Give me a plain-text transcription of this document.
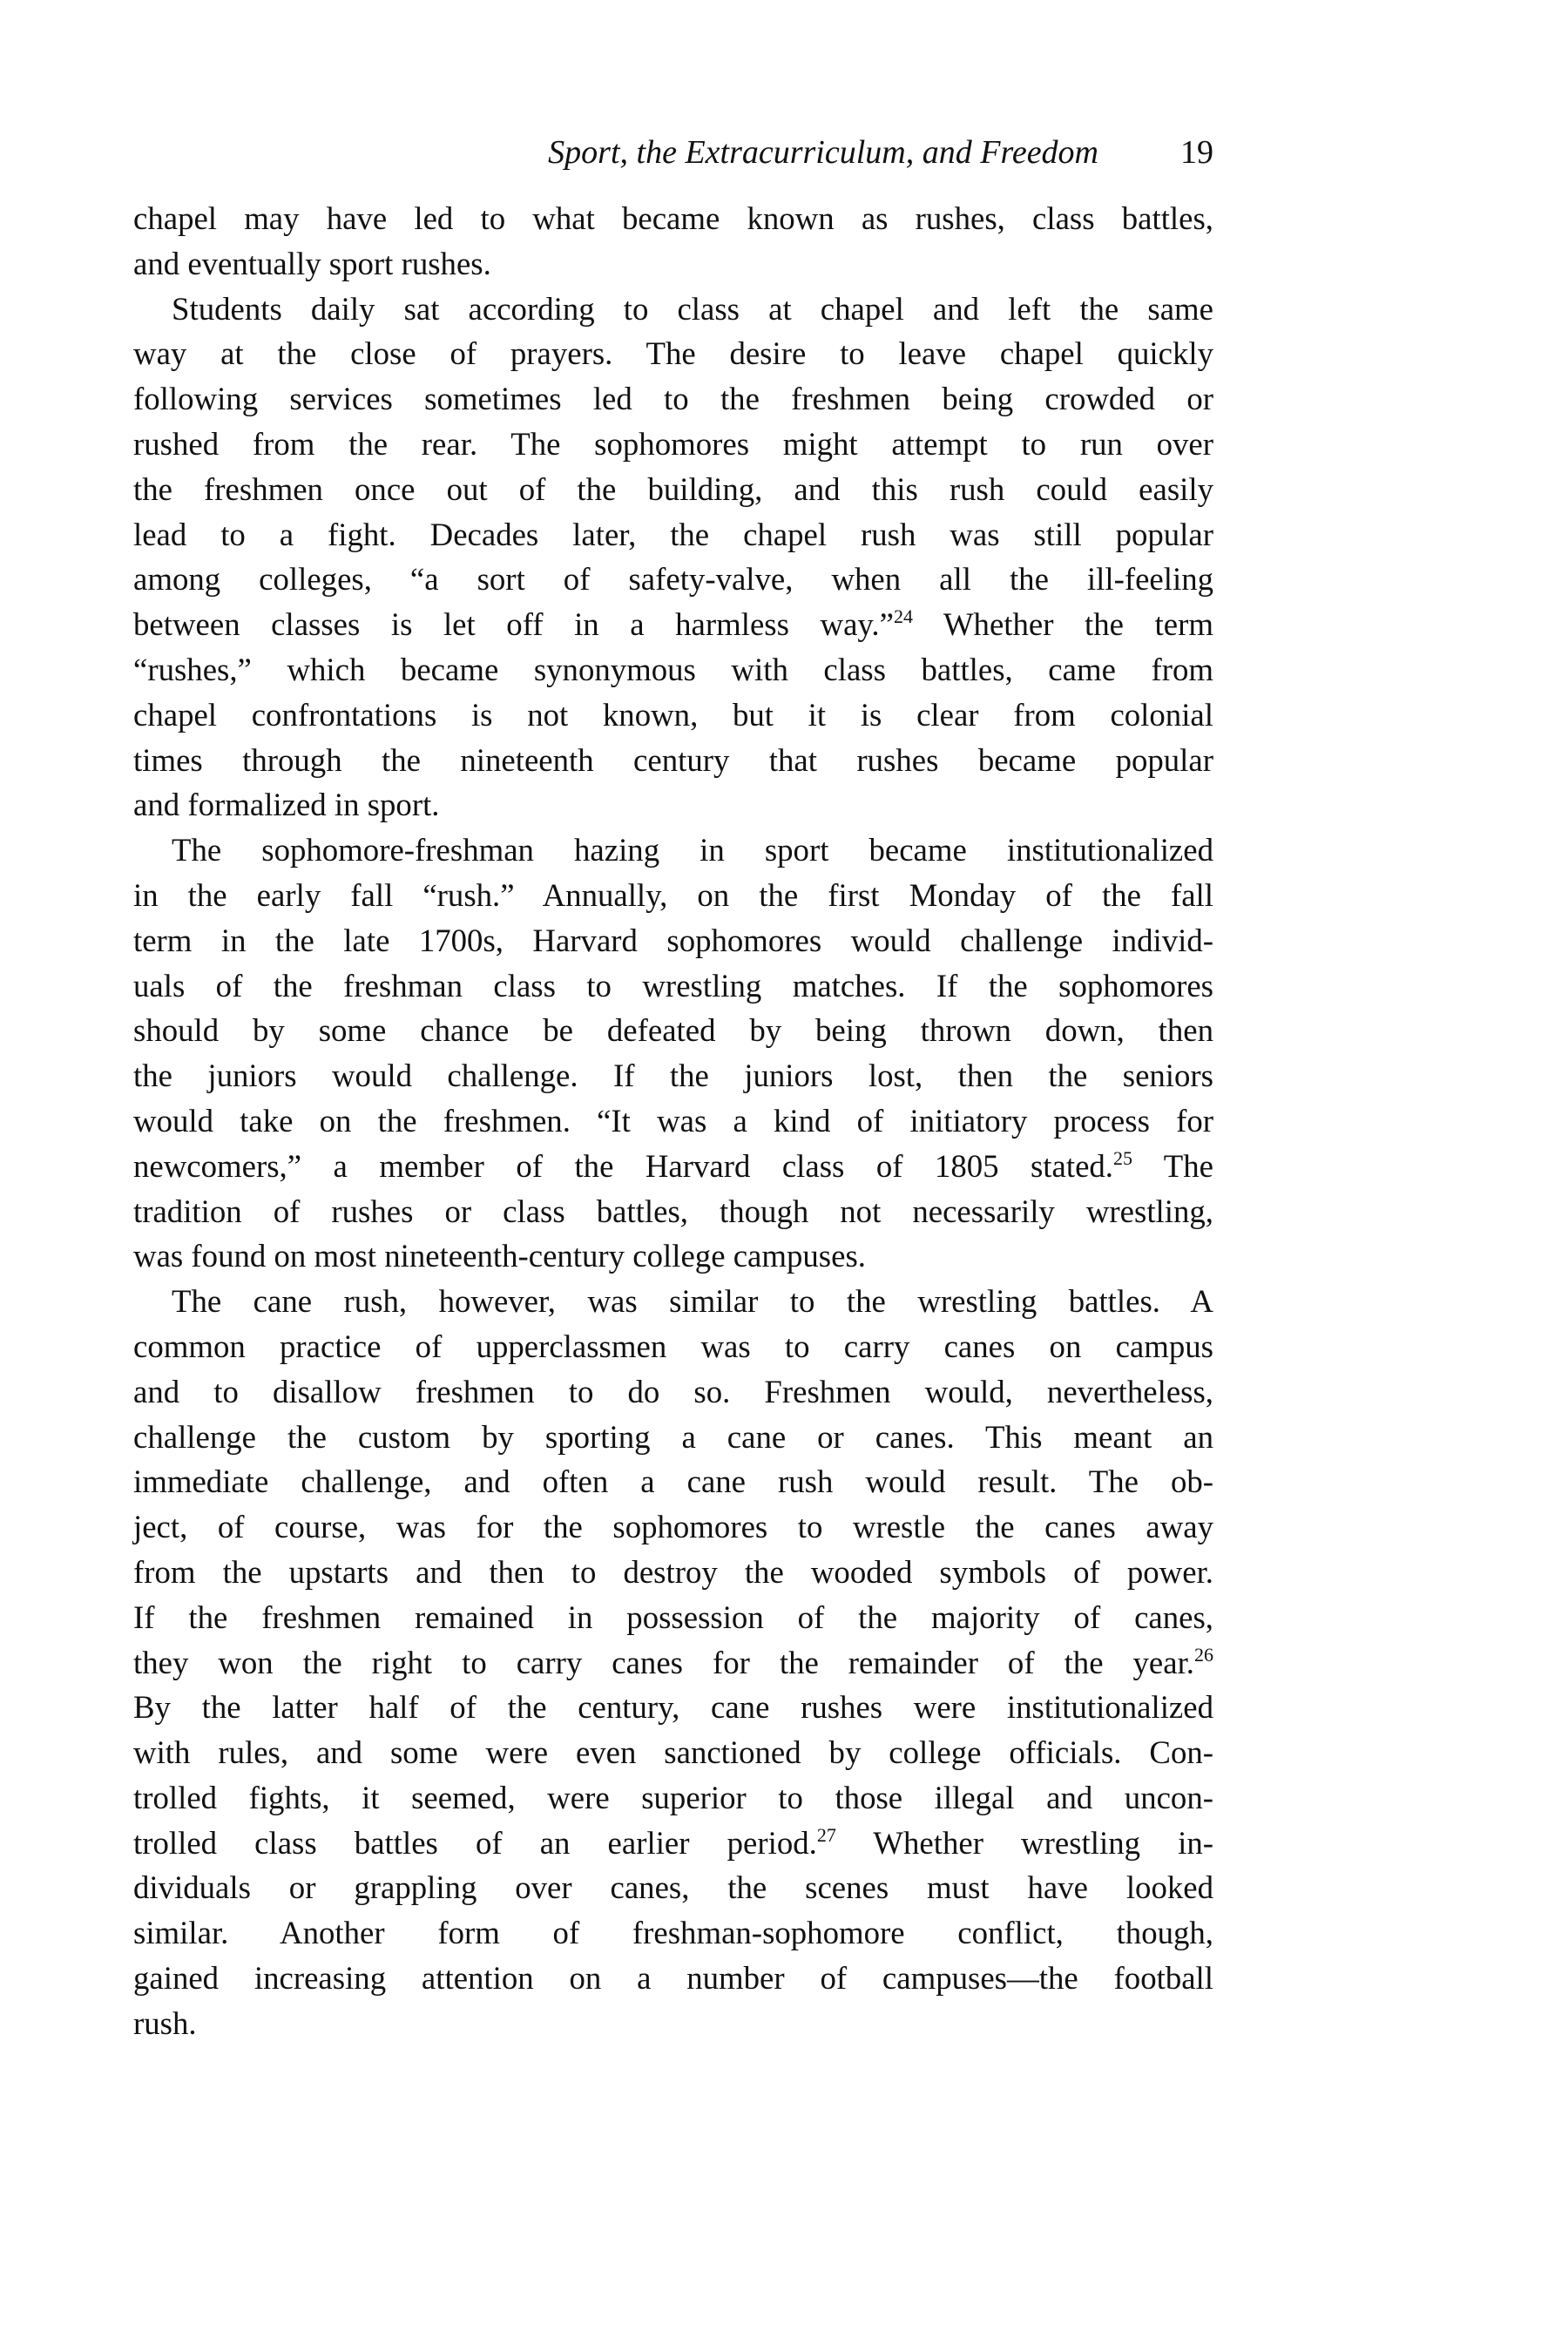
Sport, the Extracurriculum, and Freedom 19
chapel may have led to what became known as rushes, class battles,
and eventually sport rushes.
Students daily sat according to class at chapel and left the same
way at the close of prayers. The desire to leave chapel quickly
following services sometimes led to the freshmen being crowded or
rushed from the rear. The sophomores might attempt to run over
the freshmen once out of the building, and this rush could easily
lead to a fight. Decades later, the chapel rush was still popular
among colleges, “a sort of safety-valve, when all the ill-feeling
between classes is let off in a harmless way.”$^{24}$ Whether the term
“rushes,” which became synonymous with class battles, came from
chapel confrontations is not known, but it is clear from colonial
times through the nineteenth century that rushes became popular
and formalized in sport.
The sophomore-freshman hazing in sport became institutionalized
in the early fall “rush.” Annually, on the first Monday of the fall
term in the late 1700s, Harvard sophomores would challenge individ-
uals of the freshman class to wrestling matches. If the sophomores
should by some chance be defeated by being thrown down, then
the juniors would challenge. If the juniors lost, then the seniors
would take on the freshmen. “It was a kind of initiatory process for
newcomers,” a member of the Harvard class of 1805 stated.$^{25}$ The
tradition of rushes or class battles, though not necessarily wrestling,
was found on most nineteenth-century college campuses.
The cane rush, however, was similar to the wrestling battles. A
common practice of upperclassmen was to carry canes on campus
and to disallow freshmen to do so. Freshmen would, nevertheless,
challenge the custom by sporting a cane or canes. This meant an
immediate challenge, and often a cane rush would result. The ob-
ject, of course, was for the sophomores to wrestle the canes away
from the upstarts and then to destroy the wooded symbols of power.
If the freshmen remained in possession of the majority of canes,
they won the right to carry canes for the remainder of the year.$^{26}$
By the latter half of the century, cane rushes were institutionalized
with rules, and some were even sanctioned by college officials. Con-
trolled fights, it seemed, were superior to those illegal and uncon-
trolled class battles of an earlier period.$^{27}$ Whether wrestling in-
dividuals or grappling over canes, the scenes must have looked
similar. Another form of freshman-sophomore conflict, though,
gained increasing attention on a number of campuses—the football
rush.
